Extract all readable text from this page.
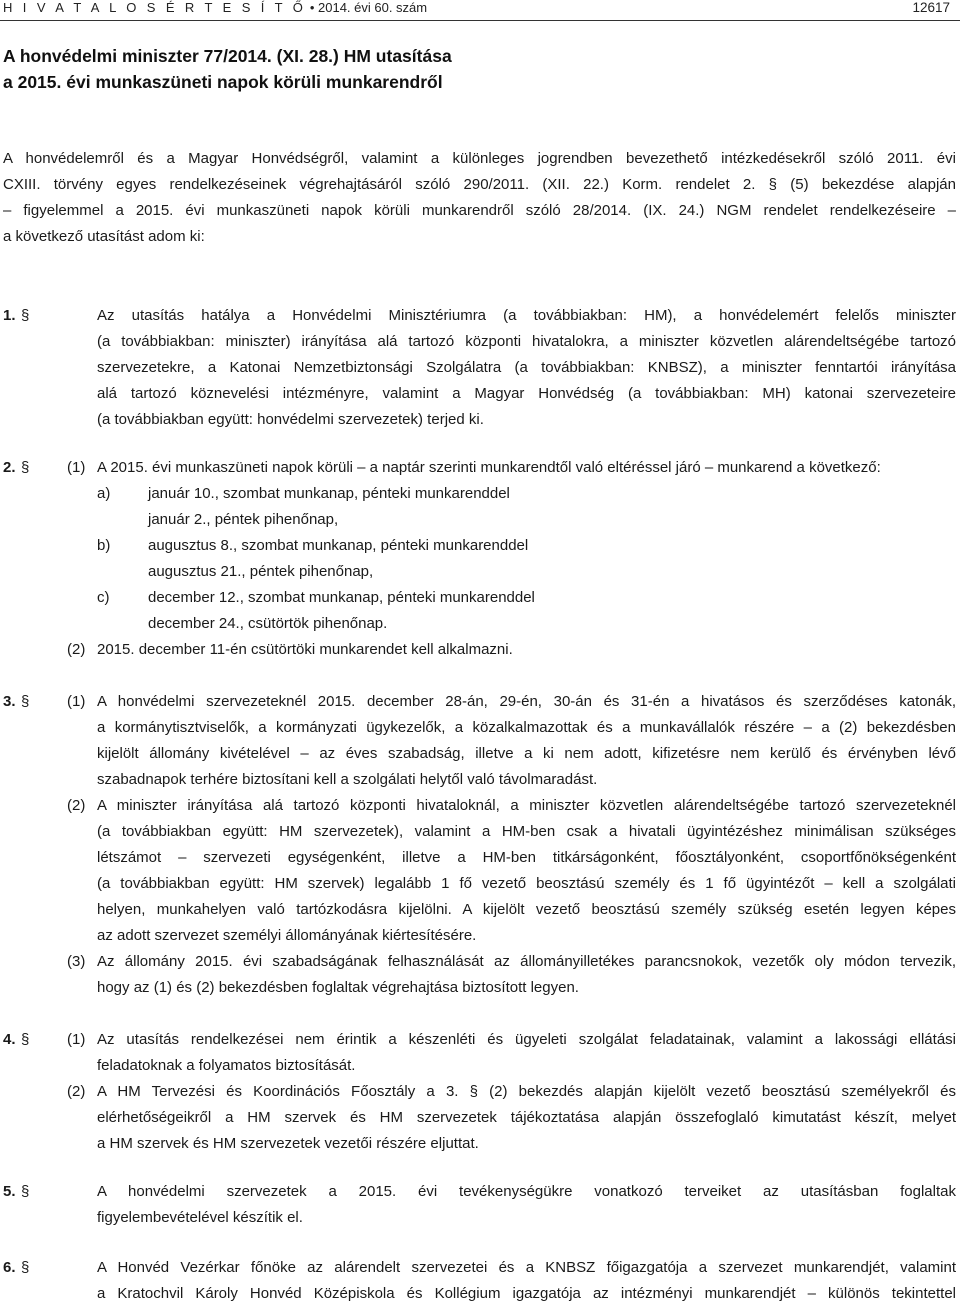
H I V A T A L O S É R T E S Í T Ő • 2014. évi 60. szám	12617
A honvédelmi miniszter 77/2014. (XI. 28.) HM utasítása
a 2015. évi munkaszüneti napok körüli munkarendről
A honvédelemről és a Magyar Honvédségről, valamint a különleges jogrendben bevezethető intézkedésekről szóló 2011. évi
CXIII. törvény egyes rendelkezéseinek végrehajtásáról szóló 290/2011. (XII. 22.) Korm. rendelet 2. § (5) bekezdése alapján
– figyelemmel a 2015. évi munkaszüneti napok körüli munkarendről szóló 28/2014. (IX. 24.) NGM rendelet rendelkezéseire –
a következő utasítást adom ki:
1. §	Az utasítás hatálya a Honvédelmi Minisztériumra (a továbbiakban: HM), a honvédelemért felelős miniszter
(a továbbiakban: miniszter) irányítása alá tartozó központi hivatalokra, a miniszter közvetlen alárendeltségébe tartozó
szervezetekre, a Katonai Nemzetbiztonsági Szolgálatra (a továbbiakban: KNBSZ), a miniszter fenntartói irányítása
alá tartozó köznevelési intézményre, valamint a Magyar Honvédség (a továbbiakban: MH) katonai szervezeteire
(a továbbiakban együtt: honvédelmi szervezetek) terjed ki.
2. §	(1) A 2015. évi munkaszüneti napok körüli – a naptár szerinti munkarendtől való eltéréssel járó – munkarend a következő:
a)	január 10., szombat munkanap, pénteki munkarenddel
január 2., péntek pihenőnap,
b)	augusztus 8., szombat munkanap, pénteki munkarenddel
augusztus 21., péntek pihenőnap,
c)	december 12., szombat munkanap, pénteki munkarenddel
december 24., csütörtök pihenőnap.
(2) 2015. december 11-én csütörtöki munkarendet kell alkalmazni.
3. §	(1) A honvédelmi szervezeteknél 2015. december 28-án, 29-én, 30-án és 31-én a hivatásos és szerződéses katonák,
a kormánytisztviselők, a kormányzati ügykezelők, a közalkalmazottak és a munkavállalók részére – a (2) bekezdésben
kijelölt állomány kivételével – az éves szabadság, illetve a ki nem adott, kifizetésre nem kerülő és érvényben lévő
szabadnapok terhére biztosítani kell a szolgálati helytől való távolmaradást.
(2) A miniszter irányítása alá tartozó központi hivataloknál, a miniszter közvetlen alárendeltségébe tartozó szervezeteknél
(a továbbiakban együtt: HM szervezetek), valamint a HM-ben csak a hivatali ügyintézéshez minimálisan szükséges
létszámot – szervezeti egységenként, illetve a HM-ben titkárságonként, főosztályonként, csoportfőnökségenként
(a továbbiakban együtt: HM szervek) legalább 1 fő vezető beosztású személy és 1 fő ügyintézőt – kell a szolgálati
helyen, munkahelyen való tartózkodásra kijelölni. A kijelölt vezető beosztású személy szükség esetén legyen képes
az adott szervezet személyi állományának kiértesítésére.
(3) Az állomány 2015. évi szabadságának felhasználását az állományilletékes parancsnokok, vezetők oly módon tervezik,
hogy az (1) és (2) bekezdésben foglaltak végrehajtása biztosított legyen.
4. §	(1) Az utasítás rendelkezései nem érintik a készenléti és ügyeleti szolgálat feladatainak, valamint a lakossági ellátási
feladatoknak a folyamatos biztosítását.
(2) A HM Tervezési és Koordinációs Főosztály a 3. § (2) bekezdés alapján kijelölt vezető beosztású személyekről és
elérhetőségeikről a HM szervek és HM szervezetek tájékoztatása alapján összefoglaló kimutatást készít, melyet
a HM szervek és HM szervezetek vezetői részére eljuttat.
5. §	A honvédelmi szervezetek a 2015. évi tevékenységükre vonatkozó terveiket az utasításban foglaltak
figyelembevételével készítik el.
6. §	A Honvéd Vezérkar főnöke az alárendelt szervezetei és a KNBSZ főigazgatója a szervezet munkarendjét, valamint
a Kratochvil Károly Honvéd Középiskola és Kollégium igazgatója az intézményi munkarendjét – különös tekintettel
